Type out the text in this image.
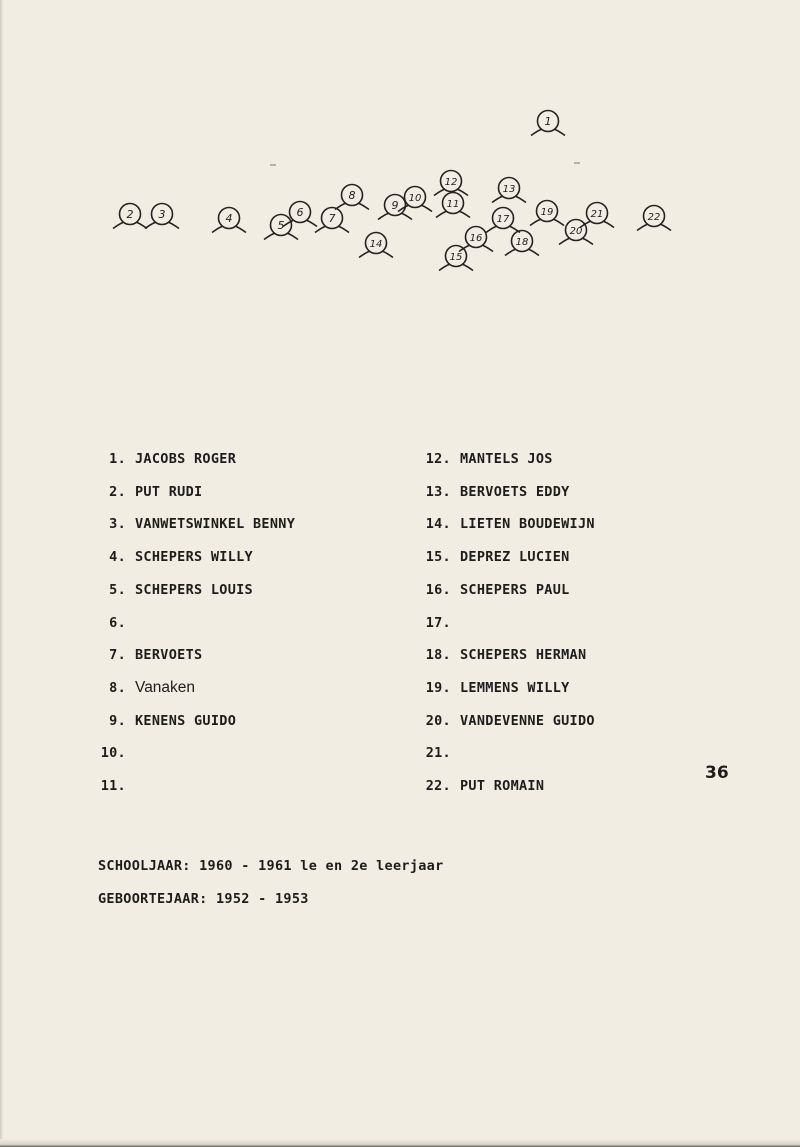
1
2 3	4
5
6 7
8
9
10
11
12
13
14
15
16
17
18
19
20
21	22
1. JACOBS ROGER
2. PUT RUDI
3. VANWETSWINKEL BENNY
4. SCHEPERS WILLY
5. SCHEPERS LOUIS
6.
7. BERVOETS
8. Vanaken
9. KENENS GUIDO
10.
11.
12. MANTELS JOS
13. BERVOETS EDDY
14. LIETEN BOUDEWIJN
15. DEPREZ LUCIEN
16. SCHEPERS PAUL
17.
18. SCHEPERS HERMAN
19. LEMMENS WILLY
20. VANDEVENNE GUIDO
21.
22. PUT ROMAIN
SCHOOLJAAR: 1960 - 1961 le en 2e leerjaar
GEBOORTEJAAR: 1952 - 1953
36
